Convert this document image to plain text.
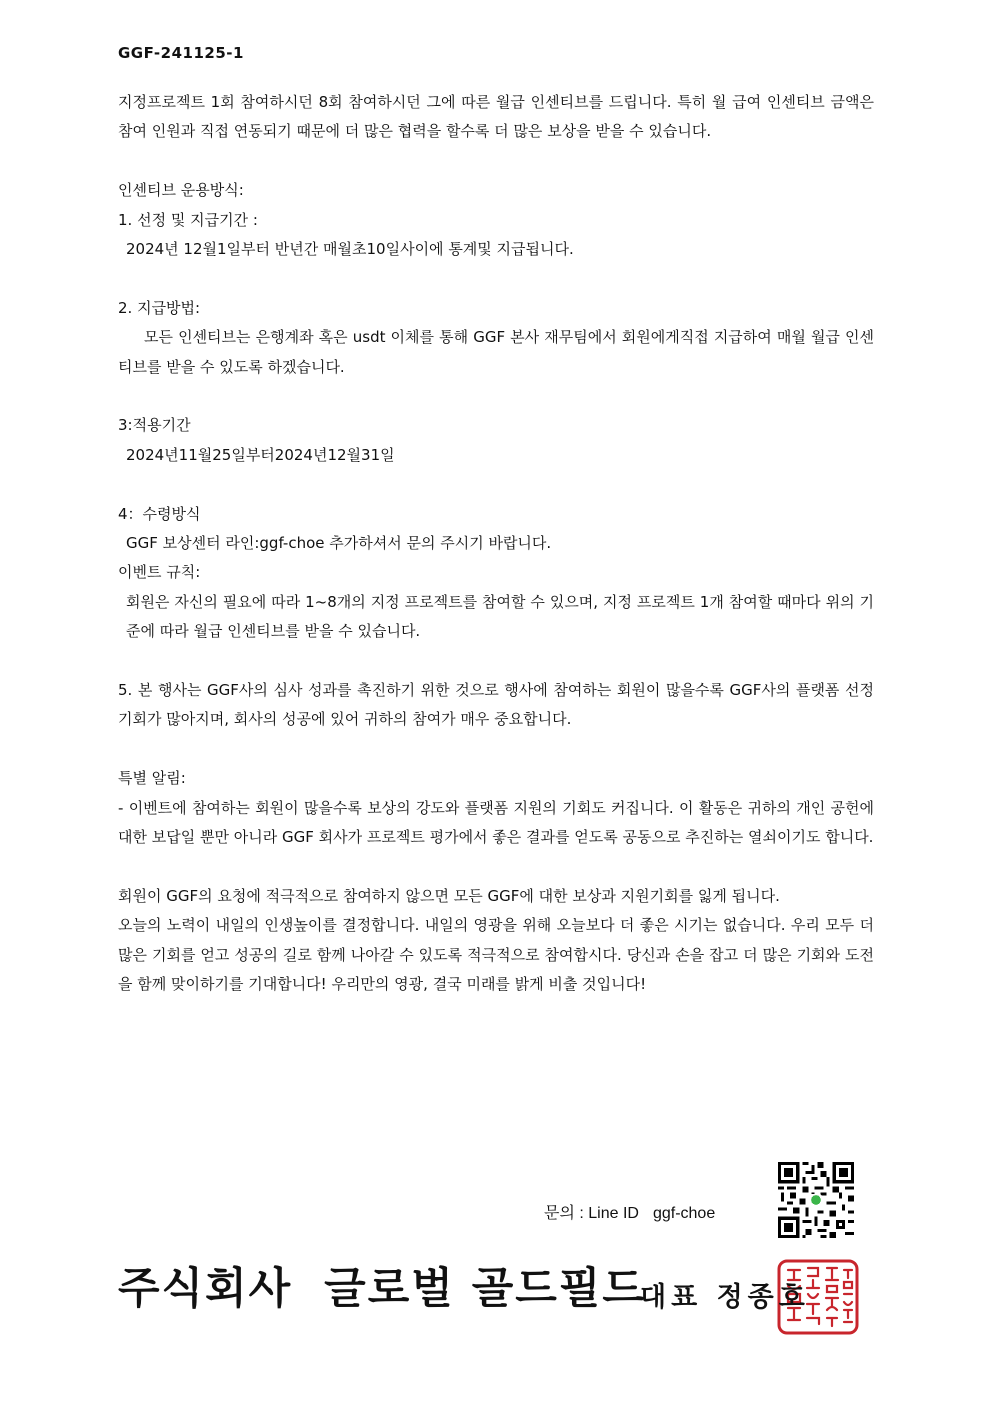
GGF-241125-1

지정프로젝트 1회 참여하시던 8회 참여하시던 그에 따른 월급 인센티브를 드립니다. 특히 월 급여 인센티브 금액은 참여 인원과 직접 연동되기 때문에 더 많은 협력을 할수록 더 많은 보상을 받을 수 있습니다.

인센티브 운용방식:

1. 선정 및 지급기간 :

2024년 12월1일부터 반년간 매월초10일사이에 통계및 지급됩니다.

2. 지급방법:

모든 인센티브는 은행계좌 혹은 usdt 이체를 통해 GGF 본사 재무팀에서 회원에게직접 지급하여 매월 월급 인센티브를 받을 수 있도록 하겠습니다.

3:적용기간

2024년11월25일부터2024년12월31일

4：수령방식

GGF 보상센터 라인:ggf-choe 추가하셔서 문의 주시기 바랍니다.

이벤트 규칙:

회원은 자신의 필요에 따라 1~8개의 지정 프로젝트를 참여할 수 있으며, 지정 프로젝트 1개 참여할 때마다 위의 기준에 따라 월급 인센티브를 받을 수 있습니다.

5. 본 행사는 GGF사의 심사 성과를 촉진하기 위한 것으로 행사에 참여하는 회원이 많을수록 GGF사의 플랫폼 선정 기회가 많아지며, 회사의 성공에 있어 귀하의 참여가 매우 중요합니다.

특별 알림:

- 이벤트에 참여하는 회원이 많을수록 보상의 강도와 플랫폼 지원의 기회도 커집니다. 이 활동은 귀하의 개인 공헌에 대한 보답일 뿐만 아니라 GGF 회사가 프로젝트 평가에서 좋은 결과를 얻도록 공동으로 추진하는 열쇠이기도 합니다.

회원이 GGF의 요청에 적극적으로 참여하지 않으면 모든 GGF에 대한 보상과 지원기회를 잃게 됩니다.

오늘의 노력이 내일의 인생높이를 결정합니다. 내일의 영광을 위해 오늘보다 더 좋은 시기는 없습니다. 우리 모두 더 많은 기회를 얻고 성공의 길로 함께 나아갈 수 있도록 적극적으로 참여합시다. 당신과 손을 잡고 더 많은 기회와 도전을 함께 맞이하기를 기대합니다! 우리만의 영광, 결국 미래를 밝게 비출 것입니다!

문의 : Line ID ggf-choe
주식회사 글로벌 골드필드
대표 정종호
